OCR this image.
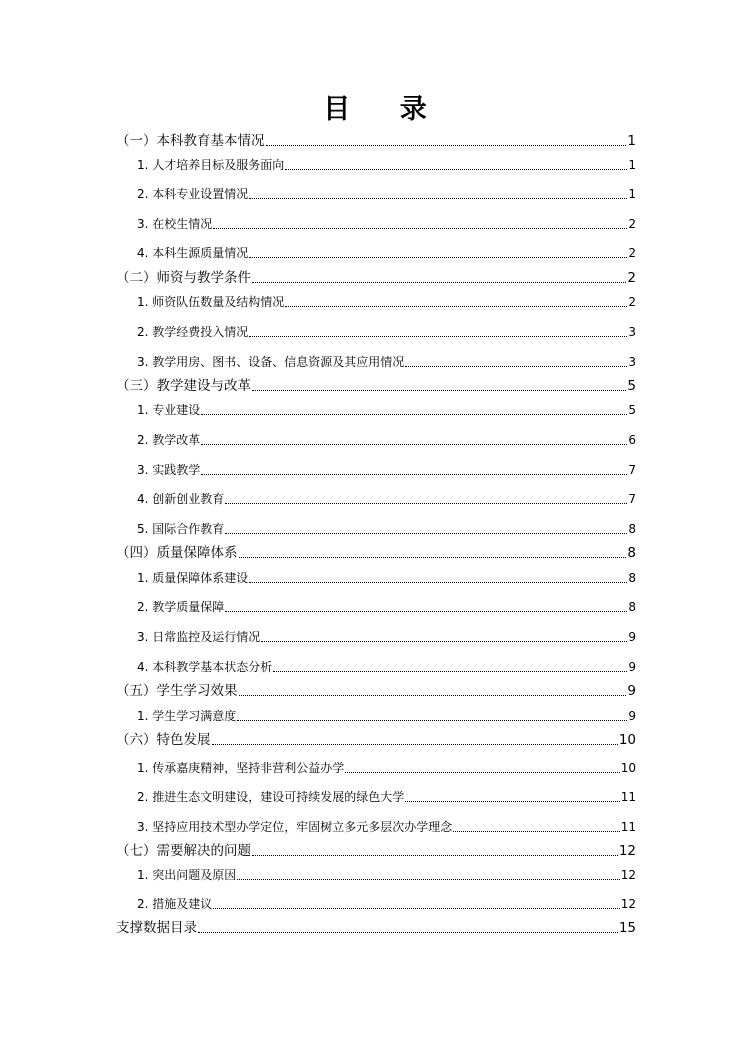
目 录
（一）本科教育基本情况	1
1. 人才培养目标及服务面向	1
2. 本科专业设置情况	1
3. 在校生情况	2
4. 本科生源质量情况	2
（二）师资与教学条件	2
1. 师资队伍数量及结构情况	2
2. 教学经费投入情况	3
3. 教学用房、图书、设备、信息资源及其应用情况	3
（三）教学建设与改革	5
1. 专业建设	5
2. 教学改革	6
3. 实践教学	7
4. 创新创业教育	7
5. 国际合作教育	8
（四）质量保障体系	8
1. 质量保障体系建设	8
2. 教学质量保障	8
3. 日常监控及运行情况	9
4. 本科教学基本状态分析	9
（五）学生学习效果	9
1. 学生学习满意度	9
（六）特色发展	10
1. 传承嘉庚精神，坚持非营利公益办学	10
2. 推进生态文明建设，建设可持续发展的绿色大学	11
3. 坚持应用技术型办学定位，牢固树立多元多层次办学理念	11
（七）需要解决的问题	12
1. 突出问题及原因	12
2. 措施及建议	12
支撑数据目录	15
